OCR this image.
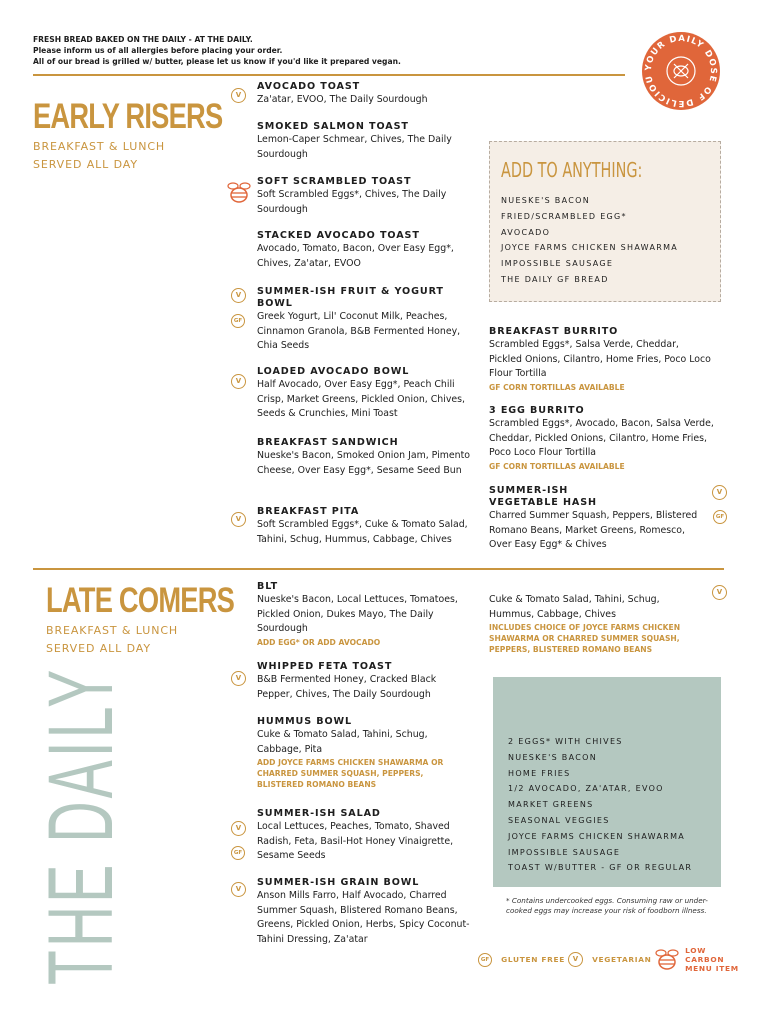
FRESH BREAD BAKED ON THE DAILY - AT THE DAILY.
Please inform us of all allergies before placing your order.
All of our bread is grilled w/ butter, please let us know if you'd like it prepared vegan.
YOUR DAILY DOSE OF DELICIOU
EARLY RISERS

BREAKFAST & LUNCH

SERVED ALL DAY

V

AVOCADO TOAST

Za'atar, EVOO, The Daily Sourdough

SMOKED SALMON TOAST

Lemon-Caper Schmear, Chives, The Daily Sourdough

SOFT SCRAMBLED TOAST

Soft Scrambled Eggs*, Chives, The Daily Sourdough

STACKED AVOCADO TOAST

Avocado, Tomato, Bacon, Over Easy Egg*, Chives, Za'atar, EVOO

V
GF

SUMMER-ISH FRUIT & YOGURT BOWL

Greek Yogurt, Lil' Coconut Milk, Peaches, Cinnamon Granola, B&B Fermented Honey, Chia Seeds

V

LOADED AVOCADO BOWL

Half Avocado, Over Easy Egg*, Peach Chili Crisp, Market Greens, Pickled Onion, Chives, Seeds & Crunchies, Mini Toast

BREAKFAST SANDWICH

Nueske's Bacon, Smoked Onion Jam, Pimento Cheese, Over Easy Egg*, Sesame Seed Bun

V

BREAKFAST PITA

Soft Scrambled Eggs*, Cuke & Tomato Salad, Tahini, Schug, Hummus, Cabbage, Chives

ADD TO ANYTHING:
NUESKE'S BACON
FRIED/SCRAMBLED EGG*
AVOCADO
JOYCE FARMS CHICKEN SHAWARMA
IMPOSSIBLE SAUSAGE
THE DAILY GF BREAD

BREAKFAST BURRITO

Scrambled Eggs*, Salsa Verde, Cheddar, Pickled Onions, Cilantro, Home Fries, Poco Loco Flour Tortilla

GF CORN TORTILLAS AVAILABLE

3 EGG BURRITO

Scrambled Eggs*, Avocado, Bacon, Salsa Verde, Cheddar, Pickled Onions, Cilantro, Home Fries, Poco Loco Flour Tortilla

GF CORN TORTILLAS AVAILABLE

V
GF

SUMMER-ISH VEGETABLE HASH

Charred Summer Squash, Peppers, Blistered Romano Beans, Market Greens, Romesco, Over Easy Egg* & Chives

LATE COMERS

BREAKFAST & LUNCH

SERVED ALL DAY

THE DAILY

BLT

Nueske's Bacon, Local Lettuces, Tomatoes, Pickled Onion, Dukes Mayo, The Daily Sourdough

ADD EGG* OR ADD AVOCADO

V

WHIPPED FETA TOAST

B&B Fermented Honey, Cracked Black Pepper, Chives, The Daily Sourdough

HUMMUS BOWL

Cuke & Tomato Salad, Tahini, Schug, Cabbage, Pita

ADD JOYCE FARMS CHICKEN SHAWARMA OR CHARRED SUMMER SQUASH, PEPPERS, BLISTERED ROMANO BEANS

V
GF

SUMMER-ISH SALAD

Local Lettuces, Peaches, Tomato, Shaved Radish, Feta, Basil-Hot Honey Vinaigrette, Sesame Seeds

V

SUMMER-ISH GRAIN BOWL

Anson Mills Farro, Half Avocado, Charred Summer Squash, Blistered Romano Beans, Greens, Pickled Onion, Herbs, Spicy Coconut-Tahini Dressing, Za'atar

V

Cuke & Tomato Salad, Tahini, Schug, Hummus, Cabbage, Chives

INCLUDES CHOICE OF JOYCE FARMS CHICKEN SHAWARMA OR CHARRED SUMMER SQUASH, PEPPERS, BLISTERED ROMANO BEANS

2 EGGS* WITH CHIVES
NUESKE'S BACON
HOME FRIES
1/2 AVOCADO, ZA'ATAR, EVOO
MARKET GREENS
SEASONAL VEGGIES
JOYCE FARMS CHICKEN SHAWARMA
IMPOSSIBLE SAUSAGE
TOAST W/BUTTER - GF OR REGULAR

* Contains undercooked eggs. Consuming raw or under-cooked eggs may increase your risk of foodborn illness.

GF GLUTEN FREE	V VEGETARIAN
LOW CARBON MENU ITEM
